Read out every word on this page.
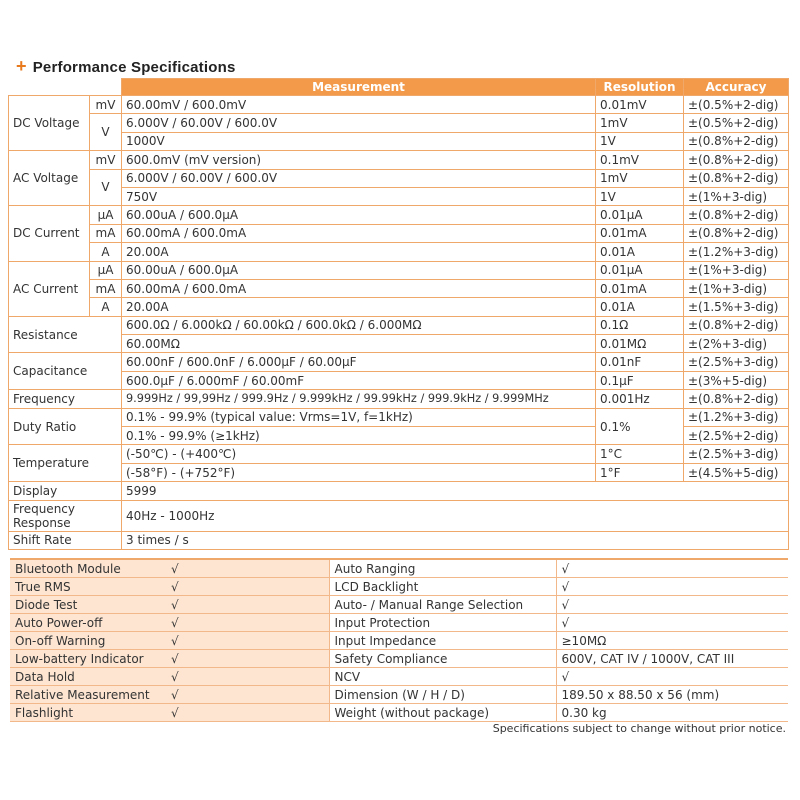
+ Performance Specifications
		Measurement	Resolution	Accuracy
DC Voltage	mV	60.00mV / 600.0mV	0.01mV	±(0.5%+2-dig)
	V	6.000V / 60.00V / 600.0V	1mV	±(0.5%+2-dig)
		1000V	1V	±(0.8%+2-dig)
AC Voltage	mV	600.0mV (mV version)	0.1mV	±(0.8%+2-dig)
	V	6.000V / 60.00V / 600.0V	1mV	±(0.8%+2-dig)
		750V	1V	±(1%+3-dig)
DC Current	μA	60.00uA / 600.0μA	0.01μA	±(0.8%+2-dig)
	mA	60.00mA / 600.0mA	0.01mA	±(0.8%+2-dig)
	A	20.00A	0.01A	±(1.2%+3-dig)
AC Current	μA	60.00uA / 600.0μA	0.01μA	±(1%+3-dig)
	mA	60.00mA / 600.0mA	0.01mA	±(1%+3-dig)
	A	20.00A	0.01A	±(1.5%+3-dig)
Resistance		600.0Ω / 6.000kΩ / 60.00kΩ / 600.0kΩ / 6.000MΩ	0.1Ω	±(0.8%+2-dig)
		60.00MΩ	0.01MΩ	±(2%+3-dig)
Capacitance		60.00nF / 600.0nF / 6.000μF / 60.00μF	0.01nF	±(2.5%+3-dig)
		600.0μF / 6.000mF / 60.00mF	0.1μF	±(3%+5-dig)
Frequency		9.999Hz / 99,99Hz / 999.9Hz / 9.999kHz / 99.99kHz / 999.9kHz / 9.999MHz	0.001Hz	±(0.8%+2-dig)
Duty Ratio		0.1% - 99.9% (typical value: Vrms=1V, f=1kHz)	0.1%	±(1.2%+3-dig)
		0.1% - 99.9% (≥1kHz)		±(2.5%+2-dig)
Temperature		(-50℃) - (+400℃)	1°C	±(2.5%+3-dig)
		(-58°F) - (+752°F)	1°F	±(4.5%+5-dig)
Display		5999		
Frequency
Response		40Hz - 1000Hz		
Shift Rate		3 times / s		
Bluetooth Module	√	Auto Ranging	√
True RMS	√	LCD Backlight	√
Diode Test	√	Auto- / Manual Range Selection	√
Auto Power-off	√	Input Protection	√
On-off Warning	√	Input Impedance	≥10MΩ
Low-battery Indicator	√	Safety Compliance	600V, CAT IV / 1000V, CAT III
Data Hold	√	NCV	√
Relative Measurement	√	Dimension (W / H / D)	189.50 x 88.50 x 56 (mm)
Flashlight	√	Weight (without package)	0.30 kg
Specifications subject to change without prior notice.
